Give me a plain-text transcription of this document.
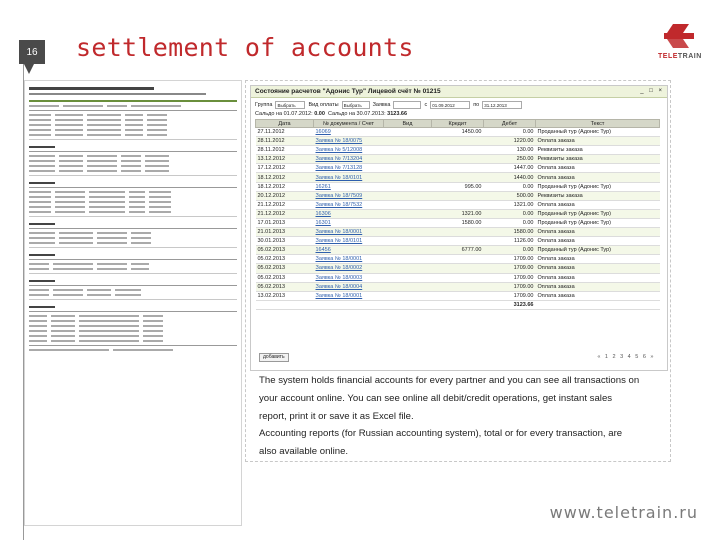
16 settlement of accounts	TELETRAIN
Состояние расчетов "Адонис Тур" Лицевой счёт № 01215	_ □ ×
Группа	Выбрать	Вид оплаты	Выбрать	Заявка	с	01.09.2012	по	31.12.2013
Сальдо на 01.07.2012: 0.00 Сальдо на 30.07.2013: 3123.66
Дата	№ документа / Счет	Вид	Кредит	Дебет	Текст
27.11.2012	16069		1450.00	0.00	Проданный тур (Адонис Тур)
28.11.2012	Заявка № 18/0075			1220.00	Оплата заказа
28.11.2012	Заявка № 5/12008			130.00	Реквизиты заказа
13.12.2012	Заявка № 7/13204			250.00	Реквизиты заказа
17.12.2012	Заявка № 7/13128			1447.00	Оплата заказа
18.12.2012	Заявка № 18/0101			1440.00	Оплата заказа
18.12.2012	16261		995.00	0.00	Проданный тур (Адонис Тур)
20.12.2012	Заявка № 18/7509			500.00	Реквизиты заказа
21.12.2012	Заявка № 18/7532			1321.00	Оплата заказа
21.12.2012	16306		1321.00	0.00	Проданный тур (Адонис Тур)
17.01.2013	16301		1580.00	0.00	Проданный тур (Адонис Тур)
21.01.2013	Заявка № 18/0001			1580.00	Оплата заказа
30.01.2013	Заявка № 18/0101			1126.00	Оплата заказа
05.02.2013	16456		6777.00	0.00	Проданный тур (Адонис Тур)
05.02.2013	Заявка № 18/0001			1709.00	Оплата заказа
05.02.2013	Заявка № 18/0002			1709.00	Оплата заказа
05.02.2013	Заявка № 18/0003			1709.00	Оплата заказа
05.02.2013	Заявка № 18/0004			1709.00	Оплата заказа
13.02.2013	Заявка № 18/0001			1709.00	Оплата заказа
				3123.66	
добавить	« 1 2 3 4 5 6 »

The system holds financial accounts for every partner and you can see all transactions on

your account online. You can see online all debit/credit operations, get instant sales

report, print it or save it as Excel file.

Accounting reports (for Russian accounting system), total or for every transaction, are

also available online.

www.teletrain.ru
